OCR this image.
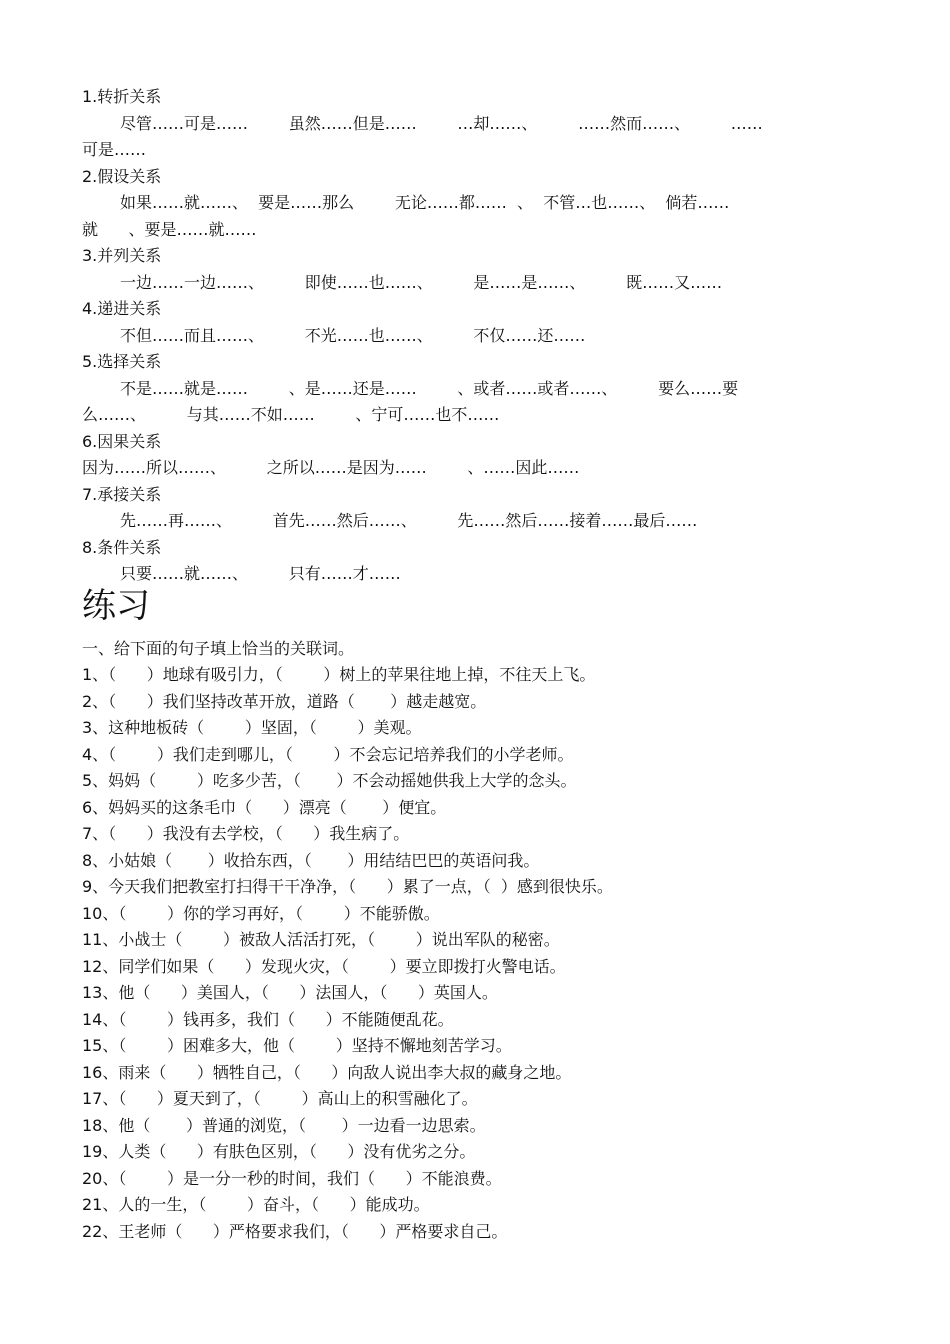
1.转折关系
尽管……可是……        虽然……但是……        …却……、        ……然而……、        ……
可是……
2.假设关系
如果……就……、  要是……那么        无论……都……  、  不管…也……、  倘若……
就      、要是……就……
3.并列关系
一边……一边……、        即使……也……、        是……是……、        既……又……
4.递进关系
不但……而且……、        不光……也……、        不仅……还……
5.选择关系
不是……就是……        、是……还是……        、或者……或者……、        要么……要
么……、        与其……不如……        、宁可……也不……
6.因果关系
因为……所以……、        之所以……是因为……        、……因此……
7.承接关系
先……再……、        首先……然后……、        先……然后……接着……最后……
8.条件关系
只要……就……、        只有……才……
练习
一、给下面的句子填上恰当的关联词。
1、（      ）地球有吸引力，（        ）树上的苹果往地上掉，不往天上飞。
2、（      ）我们坚持改革开放，道路（       ）越走越宽。
3、这种地板砖（        ）坚固，（        ）美观。
4、（        ）我们走到哪儿，（        ）不会忘记培养我们的小学老师。
5、妈妈（        ）吃多少苦，（       ）不会动摇她供我上大学的念头。
6、妈妈买的这条毛巾（      ）漂亮（       ）便宜。
7、（      ）我没有去学校，（      ）我生病了。
8、小姑娘（       ）收拾东西，（       ）用结结巴巴的英语问我。
9、今天我们把教室打扫得干干净净，（      ）累了一点，（  ）感到很快乐。
10、（        ）你的学习再好，（        ）不能骄傲。
11、小战士（        ）被敌人活活打死，（        ）说出军队的秘密。
12、同学们如果（      ）发现火灾，（        ）要立即拨打火警电话。
13、他（      ）美国人，（      ）法国人，（      ）英国人。
14、（        ）钱再多，我们（      ）不能随便乱花。
15、（        ）困难多大，他（        ）坚持不懈地刻苦学习。
16、雨来（      ）牺牲自己，（      ）向敌人说出李大叔的藏身之地。
17、（      ）夏天到了，（        ）高山上的积雪融化了。
18、他（       ）普通的浏览，（       ）一边看一边思索。
19、人类（      ）有肤色区别，（      ）没有优劣之分。
20、（        ）是一分一秒的时间，我们（      ）不能浪费。
21、人的一生，（        ）奋斗，（      ）能成功。
22、王老师（      ）严格要求我们，（      ）严格要求自己。
